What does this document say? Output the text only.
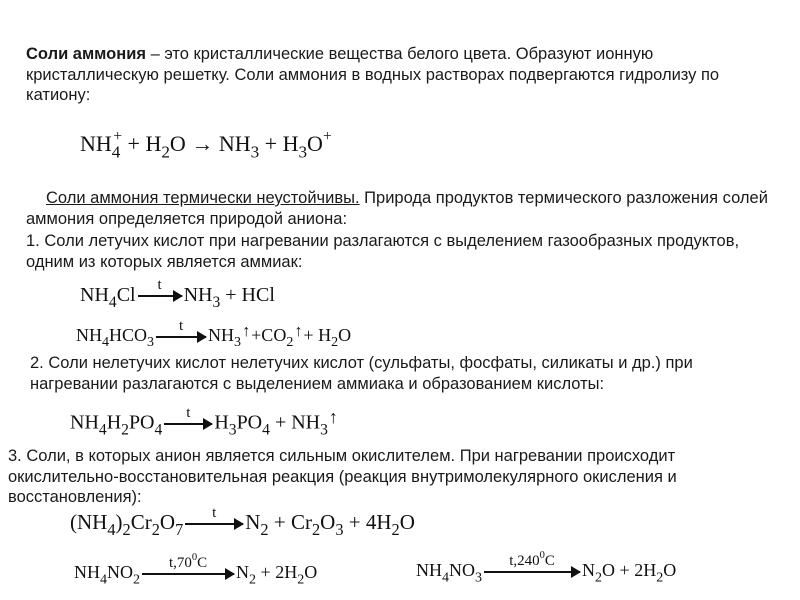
Соли аммония – это кристаллические вещества белого цвета. Образуют ионную кристаллическую решетку. Соли аммония в водных растворах подвергаются гидролизу по катиону:
$NH_4^+ + H_2O \to NH_3 + H_3O^+$
Соли аммония термически неустойчивы. Природа продуктов термического разложения солей аммония определяется природой аниона:
1. Соли летучих кислот при нагревании разлагаются с выделением газообразных продуктов, одним из которых является аммиак:
$NH_4Cl$	t	$NH_3$ + HCl
$NH_4HCO_3$
t	$NH_3↑+CO_2↑+ H_2O$
2. Соли нелетучих кислот нелетучих кислот (сульфаты, фосфаты, силикаты и др.) при нагревании разлагаются с выделением аммиака и образованием кислоты:
$NH_4H_2PO_4$
t	$H_3PO_4$ + $NH_3↑$
3. Соли, в которых анион является сильным окислителем. При нагревании происходит окислительно-восстановительная реакция (реакция внутримолекулярного окисления и восстановления):
$(NH_4)_2Cr_2O_7$
t	$N_2 + Cr_2O_3 + 4H_2O$
$NH_4NO_2$
$t,70^0C$	$N_2 + 2H_2O$	$NH_4NO_3$
t,240$^0$C	$N_2O + 2H_2O$
